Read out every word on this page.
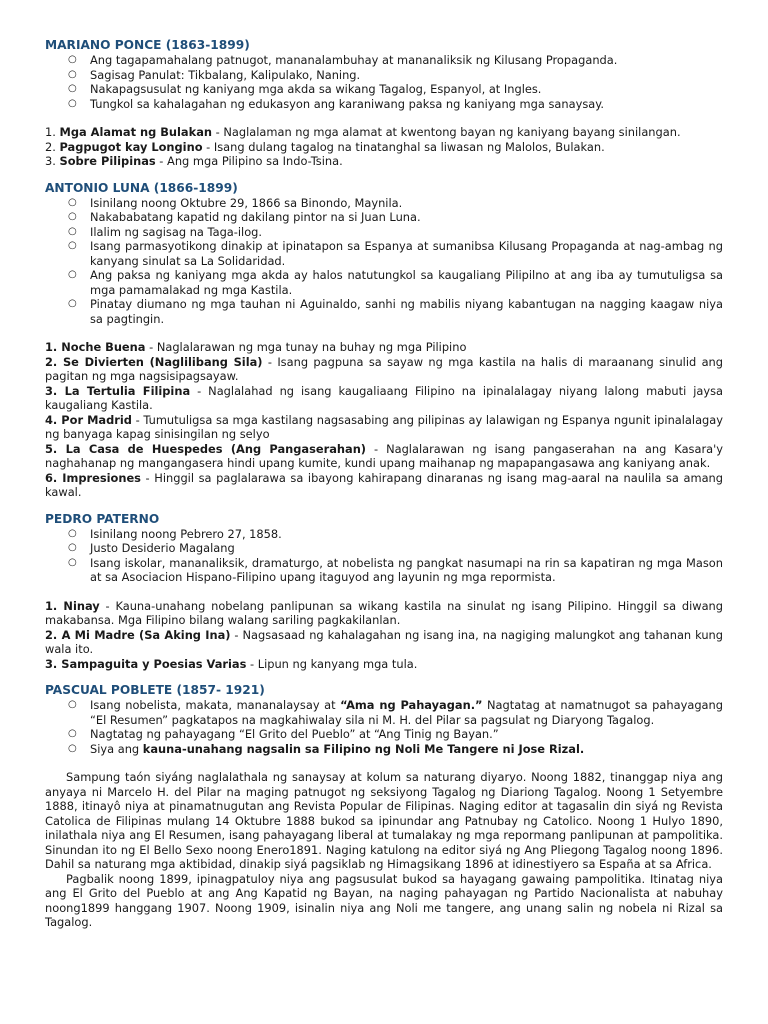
MARIANO PONCE (1863-1899)
○ Ang tagapamahalang patnugot, mananalambuhay at mananaliksik ng Kilusang Propaganda.
○ Sagisag Panulat: Tikbalang, Kalipulako, Naning.
○ Nakapagsusulat ng kaniyang mga akda sa wikang Tagalog, Espanyol, at Ingles.
○ Tungkol sa kahalagahan ng edukasyon ang karaniwang paksa ng kaniyang mga sanaysay.
1. Mga Alamat ng Bulakan - Naglalaman ng mga alamat at kwentong bayan ng kaniyang bayang sinilangan.
2. Pagpugot kay Longino - Isang dulang tagalog na tinatanghal sa liwasan ng Malolos, Bulakan.
3. Sobre Pilipinas - Ang mga Pilipino sa Indo-Tsina.
ANTONIO LUNA (1866-1899)
○ Isinilang noong Oktubre 29, 1866 sa Binondo, Maynila.
○ Nakababatang kapatid ng dakilang pintor na si Juan Luna.
○ Ilalim ng sagisag na Taga-ilog.
○ Isang parmasyotikong dinakip at ipinatapon sa Espanya at sumanibsa Kilusang Propaganda at nag-ambag ng kanyang sinulat sa La Solidaridad.
○ Ang paksa ng kaniyang mga akda ay halos natutungkol sa kaugaliang Pilipilno at ang iba ay tumutuligsa sa mga pamamalakad ng mga Kastila.
○ Pinatay diumano ng mga tauhan ni Aguinaldo, sanhi ng mabilis niyang kabantugan na nagging kaagaw niya sa pagtingin.
1. Noche Buena - Naglalarawan ng mga tunay na buhay ng mga Pilipino
2. Se Divierten (Naglilibang Sila) - Isang pagpuna sa sayaw ng mga kastila na halis di maraanang sinulid ang pagitan ng mga nagsisipagsayaw.
3. La Tertulia Filipina - Naglalahad ng isang kaugaliaang Filipino na ipinalalagay niyang lalong mabuti jaysa kaugaliang Kastila.
4. Por Madrid - Tumutuligsa sa mga kastilang nagsasabing ang pilipinas ay lalawigan ng Espanya ngunit ipinalalagay ng banyaga kapag sinisingilan ng selyo
5. La Casa de Huespedes (Ang Pangaserahan) - Naglalarawan ng isang pangaserahan na ang Kasara'y naghahanap ng mangangasera hindi upang kumite, kundi upang maihanap ng mapapangasawa ang kaniyang anak.
6. Impresiones - Hinggil sa paglalarawa sa ibayong kahirapang dinaranas ng isang mag-aaral na naulila sa amang kawal.
PEDRO PATERNO
○ Isinilang noong Pebrero 27, 1858.
○ Justo Desiderio Magalang
○ Isang iskolar, mananaliksik, dramaturgo, at nobelista ng pangkat nasumapi na rin sa kapatiran ng mga Mason at sa Asociacion Hispano-Filipino upang itaguyod ang layunin ng mga repormista.
1. Ninay - Kauna-unahang nobelang panlipunan sa wikang kastila na sinulat ng isang Pilipino. Hinggil sa diwang makabansa. Mga Filipino bilang walang sariling pagkakilanlan.
2. A Mi Madre (Sa Aking Ina) - Nagsasaad ng kahalagahan ng isang ina, na nagiging malungkot ang tahanan kung wala ito.
3. Sampaguita y Poesias Varias - Lipun ng kanyang mga tula.
PASCUAL POBLETE (1857- 1921)
○ Isang nobelista, makata, mananalaysay at “Ama ng Pahayagan.” Nagtatag at namatnugot sa pahayagang “El Resumen” pagkatapos na magkahiwalay sila ni M. H. del Pilar sa pagsulat ng Diaryong Tagalog.
○ Nagtatag ng pahayagang “El Grito del Pueblo” at “Ang Tinig ng Bayan.”
○ Siya ang kauna-unahang nagsalin sa Filipino ng Noli Me Tangere ni Jose Rizal.

Sampung taón siyáng naglalathala ng sanaysay at kolum sa naturang diyaryo. Noong 1882, tinanggap niya ang anyaya ni Marcelo H. del Pilar na maging patnugot ng seksiyong Tagalog ng Diariong Tagalog. Noong 1 Setyembre 1888, itinayô niya at pinamatnugutan ang Revista Popular de Filipinas. Naging editor at tagasalin din siyá ng Revista Catolica de Filipinas mulang 14 Oktubre 1888 bukod sa ipinundar ang Patnubay ng Catolico. Noong 1 Hulyo 1890, inilathala niya ang El Resumen, isang pahayagang liberal at tumalakay ng mga repormang panlipunan at pampolitika. Sinundan ito ng El Bello Sexo noong Enero1891. Naging katulong na editor siyá ng Ang Pliegong Tagalog noong 1896. Dahil sa naturang mga aktibidad, dinakip siyá pagsiklab ng Himagsikang 1896 at idinestiyero sa España at sa Africa.

Pagbalik noong 1899, ipinagpatuloy niya ang pagsusulat bukod sa hayagang gawaing pampolitika. Itinatag niya ang El Grito del Pueblo at ang Ang Kapatid ng Bayan, na naging pahayagan ng Partido Nacionalista at nabuhay noong1899 hanggang 1907. Noong 1909, isinalin niya ang Noli me tangere, ang unang salin ng nobela ni Rizal sa Tagalog.
